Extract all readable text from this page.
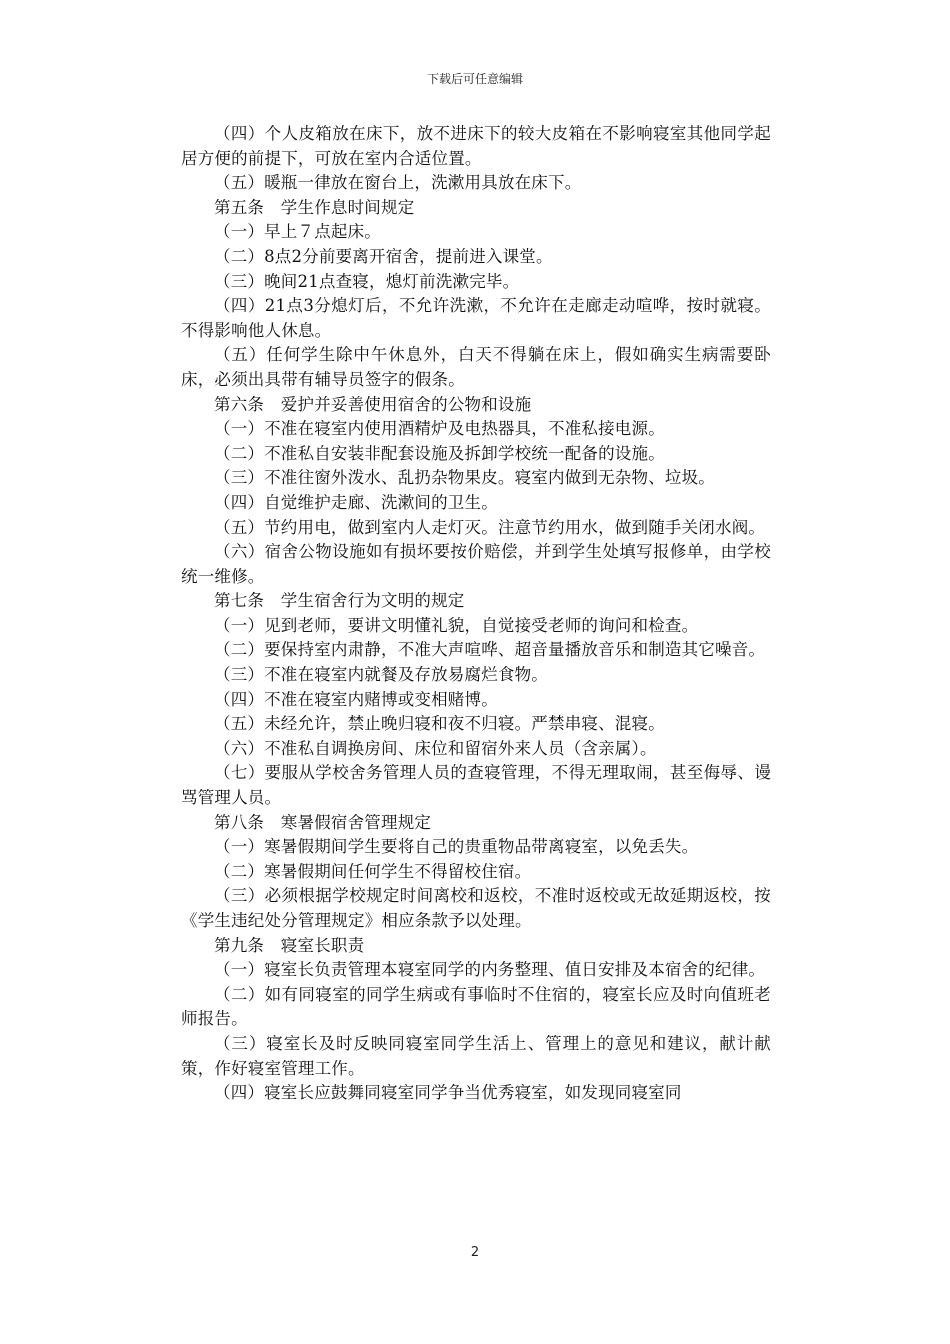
下载后可任意编辑

（四）个人皮箱放在床下，放不进床下的较大皮箱在不影响寝室其他同学起居方便的前提下，可放在室内合适位置。

（五）暖瓶一律放在窗台上，洗漱用具放在床下。

第五条　学生作息时间规定

（一）早上７点起床。

（二）8点2分前要离开宿舍，提前进入课堂。

（三）晚间21点查寝，熄灯前洗漱完毕。

（四）21点3分熄灯后，不允许洗漱，不允许在走廊走动喧哗，按时就寝。不得影响他人休息。

（五）任何学生除中午休息外，白天不得躺在床上，假如确实生病需要卧床，必须出具带有辅导员签字的假条。

第六条　爱护并妥善使用宿舍的公物和设施

（一）不准在寝室内使用酒精炉及电热器具，不准私接电源。

（二）不准私自安装非配套设施及拆卸学校统一配备的设施。

（三）不准往窗外泼水、乱扔杂物果皮。寝室内做到无杂物、垃圾。

（四）自觉维护走廊、洗漱间的卫生。

（五）节约用电，做到室内人走灯灭。注意节约用水，做到随手关闭水阀。

（六）宿舍公物设施如有损坏要按价赔偿，并到学生处填写报修单，由学校统一维修。

第七条　学生宿舍行为文明的规定

（一）见到老师，要讲文明懂礼貌，自觉接受老师的询问和检查。

（二）要保持室内肃静，不准大声喧哗、超音量播放音乐和制造其它噪音。

（三）不准在寝室内就餐及存放易腐烂食物。

（四）不准在寝室内赌博或变相赌博。

（五）未经允许，禁止晚归寝和夜不归寝。严禁串寝、混寝。

（六）不准私自调换房间、床位和留宿外来人员（含亲属）。

（七）要服从学校舍务管理人员的查寝管理，不得无理取闹，甚至侮辱、谩骂管理人员。

第八条　寒暑假宿舍管理规定

（一）寒暑假期间学生要将自己的贵重物品带离寝室，以免丢失。

（二）寒暑假期间任何学生不得留校住宿。

（三）必须根据学校规定时间离校和返校，不准时返校或无故延期返校，按《学生违纪处分管理规定》相应条款予以处理。

第九条　寝室长职责

（一）寝室长负责管理本寝室同学的内务整理、值日安排及本宿舍的纪律。

（二）如有同寝室的同学生病或有事临时不住宿的，寝室长应及时向值班老师报告。

（三）寝室长及时反映同寝室同学生活上、管理上的意见和建议，献计献策，作好寝室管理工作。

（四）寝室长应鼓舞同寝室同学争当优秀寝室，如发现同寝室同

2
